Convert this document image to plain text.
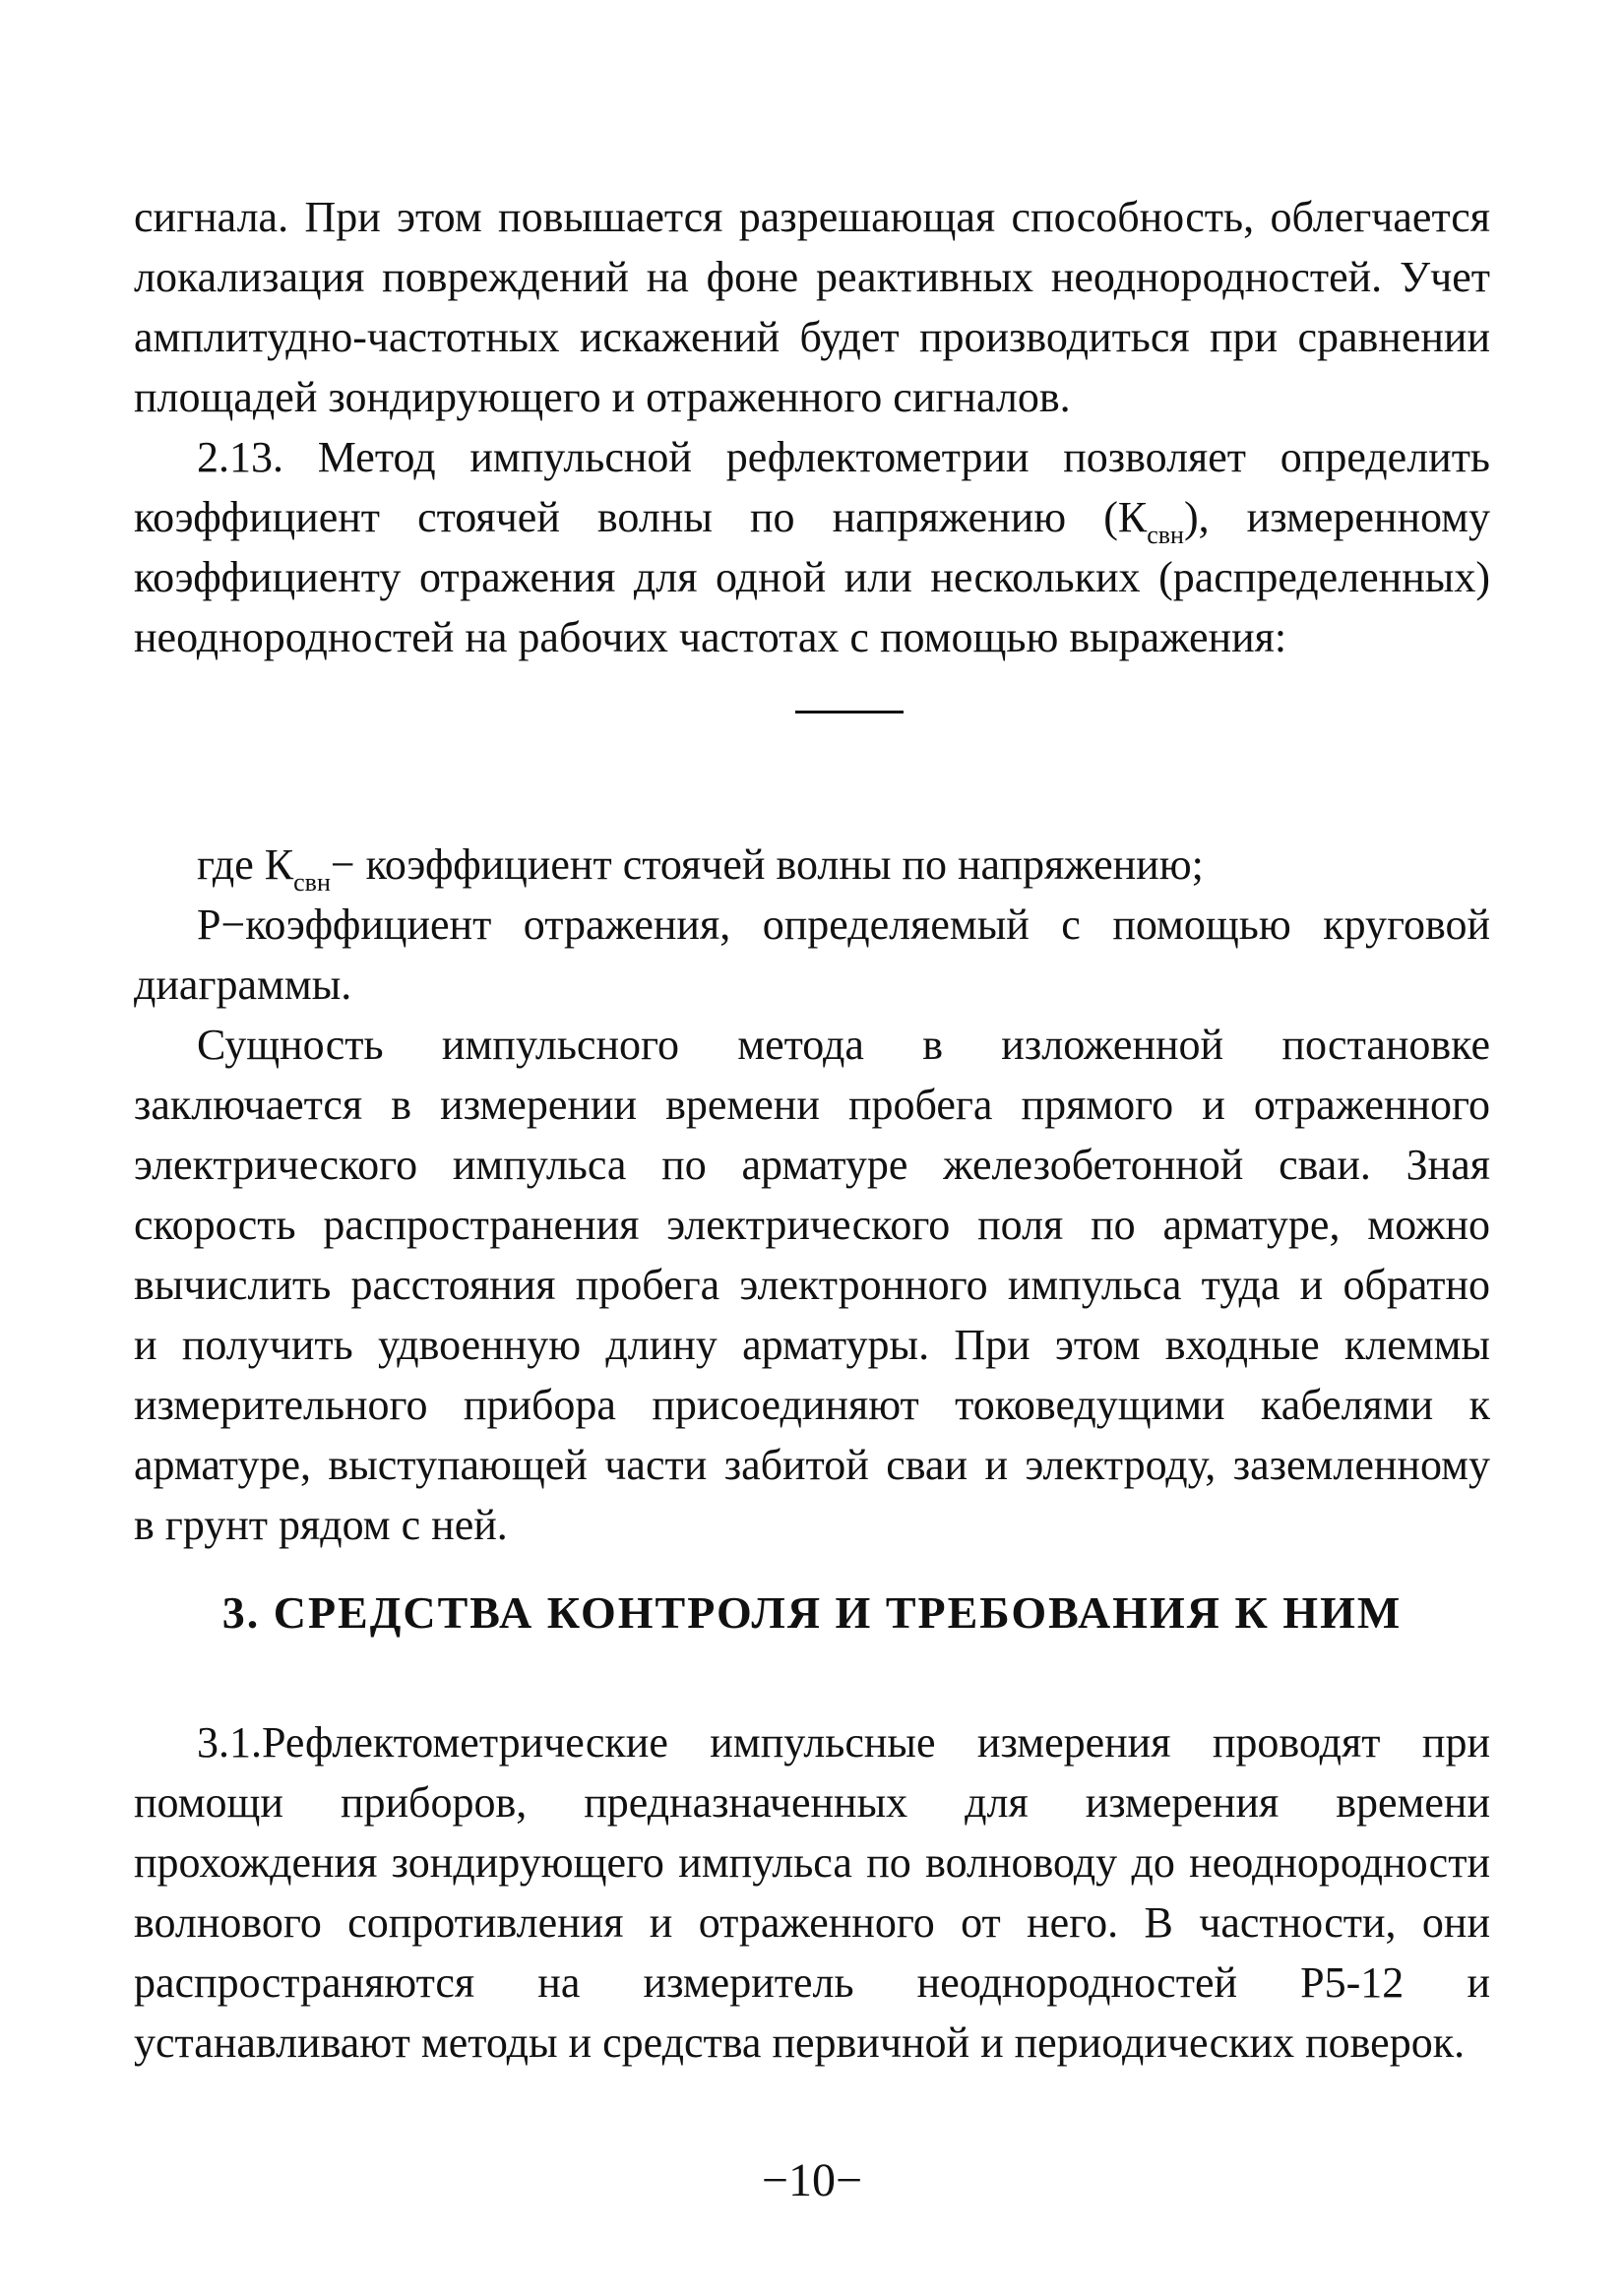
сигнала. При этом повышается разрешающая способность, облегчается

локализация повреждений на фоне реактивных неоднородностей. Учет

амплитудно-частотных искажений будет производиться при сравнении

площадей зондирующего и отраженного сигналов.

2.13. Метод импульсной рефлектометрии позволяет определить

коэффициент стоячей волны по напряжению $(К_{свн})$, измеренному

коэффициенту отражения для одной или нескольких (распределенных)

неоднородностей на рабочих частотах с помощью выражения:

где $К_{свн}-$ коэффициент стоячей волны по напряжению;

Р−коэффициент отражения, определяемый с помощью круговой

диаграммы.

Сущность импульсного метода в изложенной постановке

заключается в измерении времени пробега прямого и отраженного

электрического импульса по арматуре железобетонной сваи. Зная

скорость распространения электрического поля по арматуре, можно

вычислить расстояния пробега электронного импульса туда и обратно

и получить удвоенную длину арматуры. При этом входные клеммы

измерительного прибора присоединяют токоведущими кабелями к

арматуре, выступающей части забитой сваи и электроду, заземленному

в грунт рядом с ней.

3. СРЕДСТВА КОНТРОЛЯ И ТРЕБОВАНИЯ К НИМ

3.1.Рефлектометрические импульсные измерения проводят при

помощи приборов, предназначенных для измерения времени

прохождения зондирующего импульса по волноводу до неоднородности

волнового сопротивления и отраженного от него. В частности, они

распространяются на измеритель неоднородностей Р5-12 и

устанавливают методы и средства первичной и периодических поверок.

−10−
